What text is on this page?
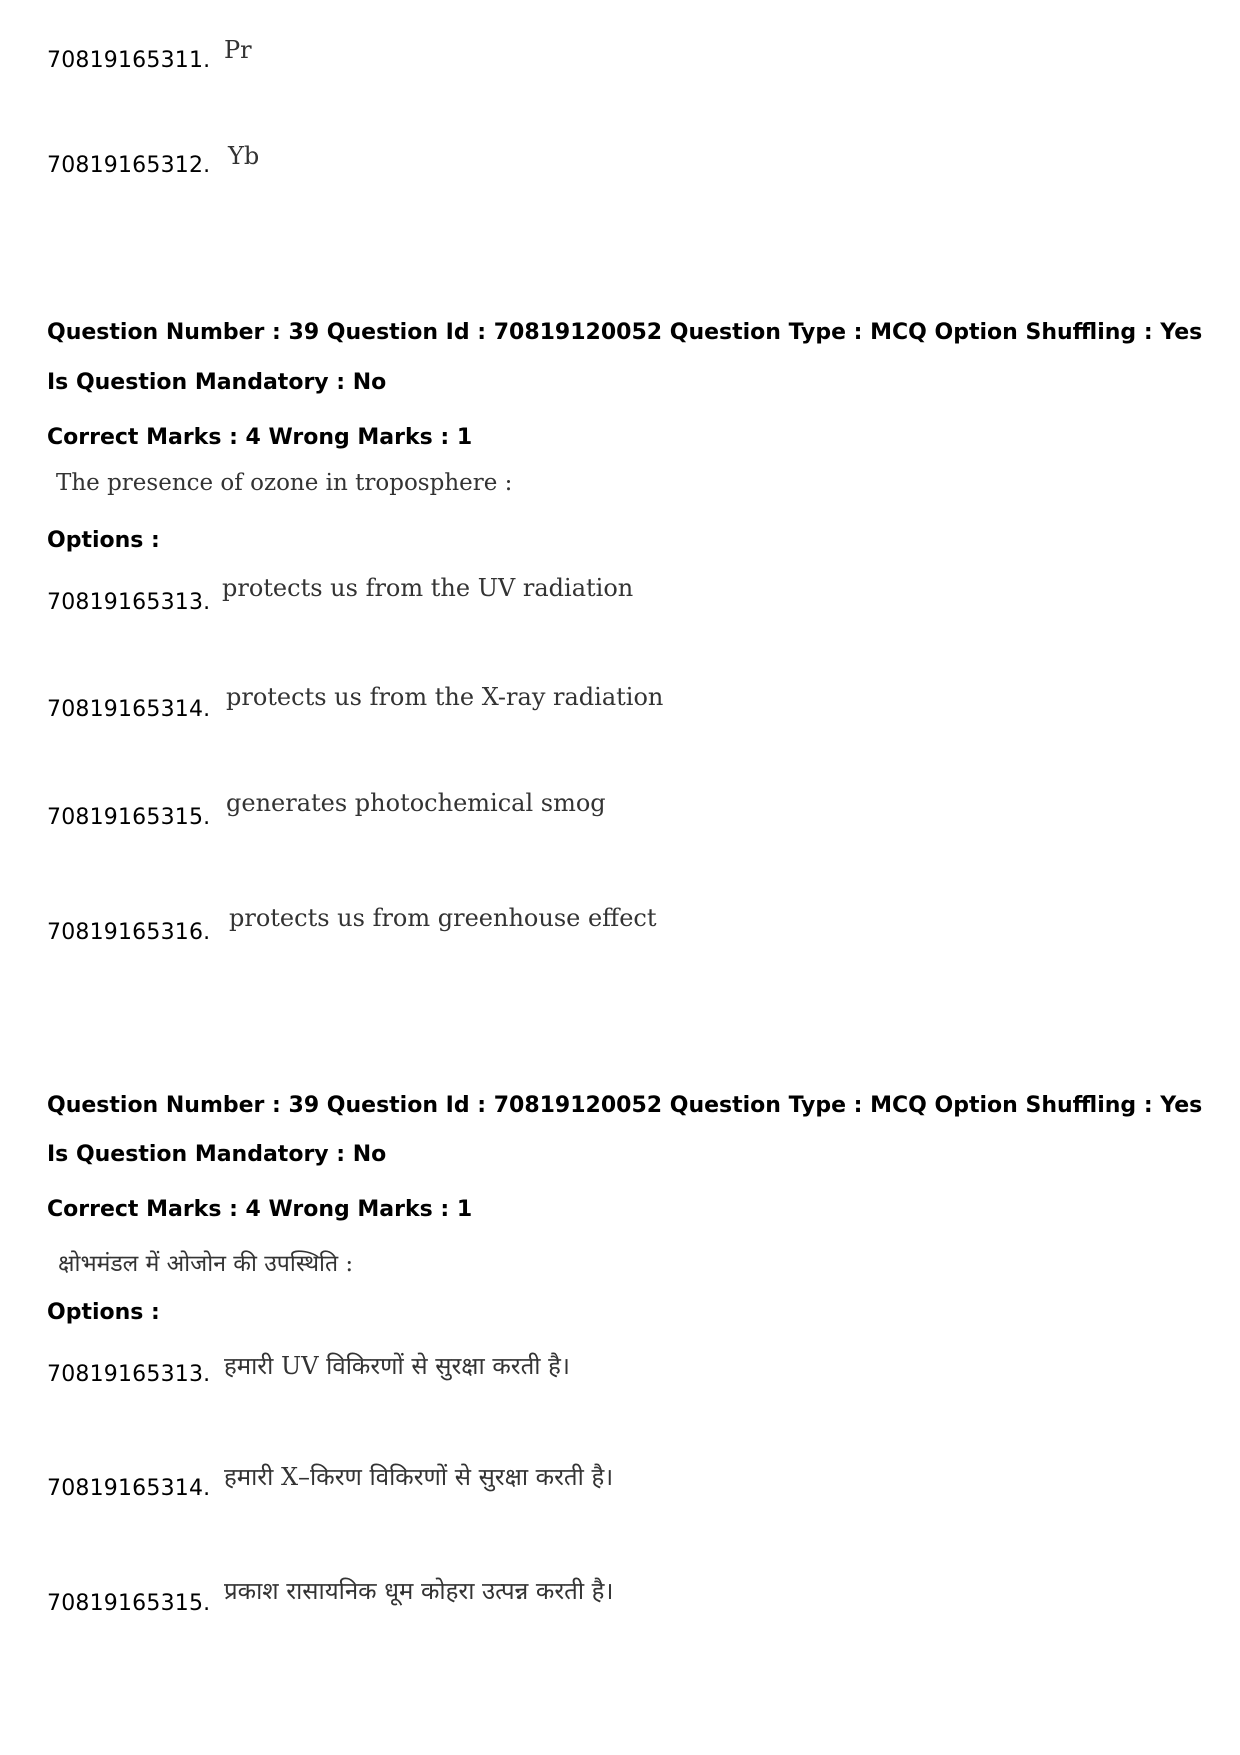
70819165311. Pr
70819165312. Yb
Question Number : 39 Question Id : 70819120052 Question Type : MCQ Option Shuffling : Yes
Is Question Mandatory : No
Correct Marks : 4 Wrong Marks : 1
The presence of ozone in troposphere :
Options :
70819165313.
protects us from the UV radiation
70819165314. protects us from the X-ray radiation
70819165315.
generates photochemical smog
70819165316.
protects us from greenhouse effect
Question Number : 39 Question Id : 70819120052 Question Type : MCQ Option Shuffling : Yes
Is Question Mandatory : No
Correct Marks : 4 Wrong Marks : 1
क्षोभमंडल में ओजोन की उपस्थिति :
Options :
70819165313. हमारी UV विकिरणों से सुरक्षा करती है।
70819165314. हमारी X–किरण विकिरणों से सुरक्षा करती है।
70819165315. प्रकाश रासायनिक धूम कोहरा उत्पन्न करती है।
